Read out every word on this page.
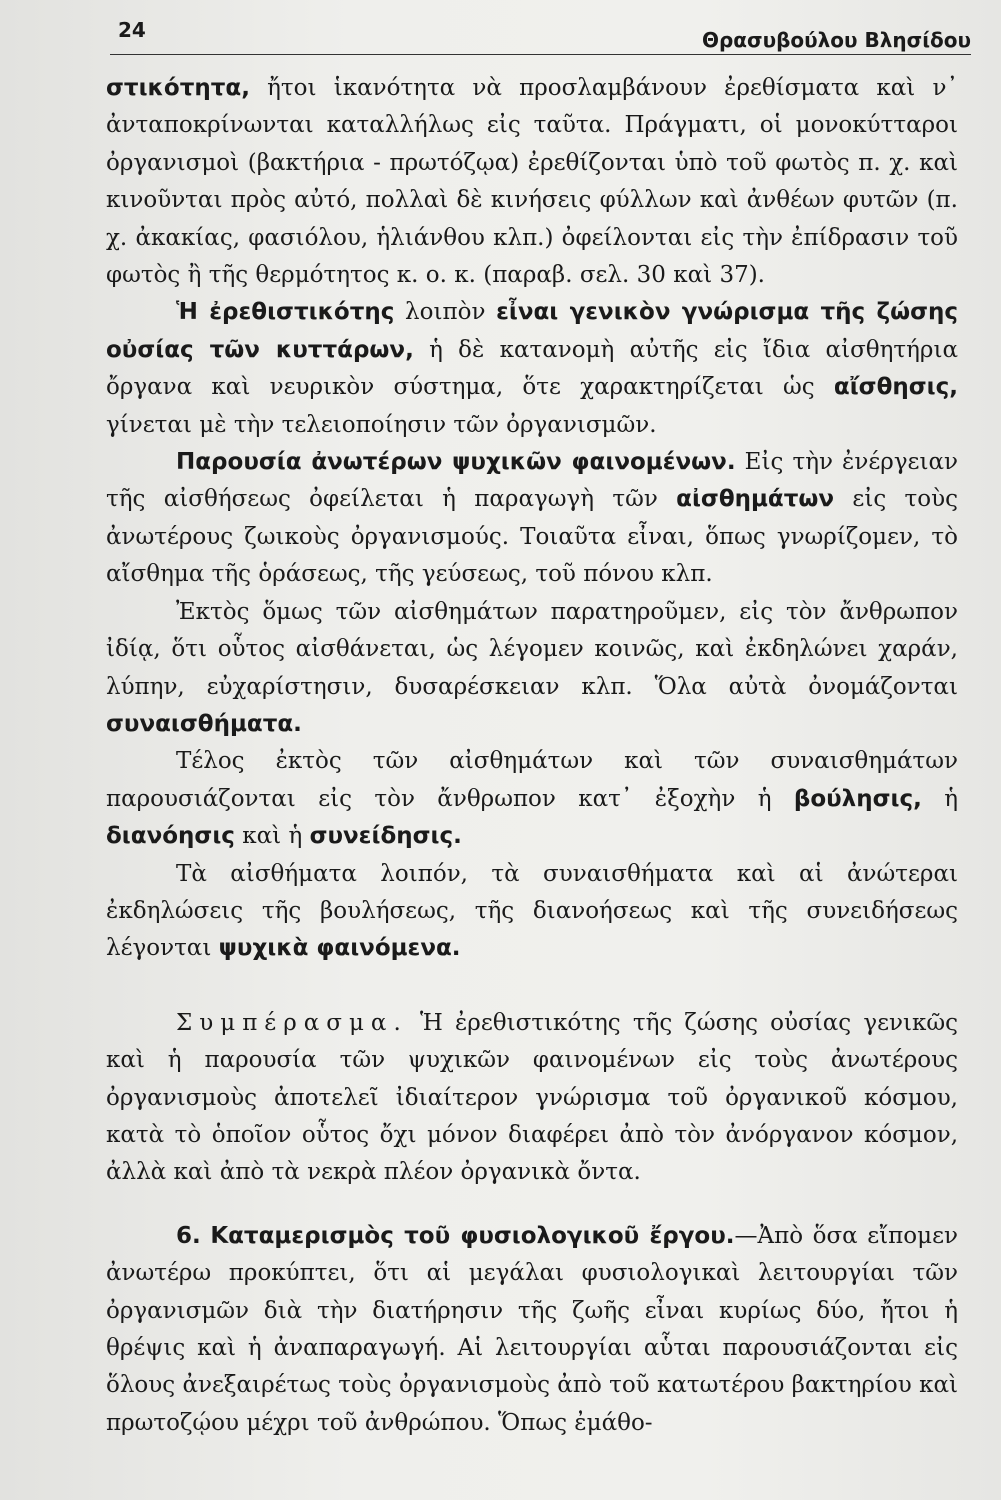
24	Θρασυβούλου Βλησίδου

στικότητα, ἤτοι ἱκανότητα νὰ προσλαμβάνουν ἐρεθίσματα καὶ ν᾽ ἀνταποκρίνωνται καταλλήλως εἰς ταῦτα. Πράγματι, οἱ μονοκύτταροι ὀργανισμοὶ (βακτήρια - πρωτόζῳα) ἐρεθίζονται ὑπὸ τοῦ φωτὸς π. χ. καὶ κινοῦνται πρὸς αὐτό, πολλαὶ δὲ κινήσεις φύλλων καὶ ἀνθέων φυτῶν (π. χ. ἀκακίας, φασιόλου, ἡλιάνθου κλπ.) ὀφείλονται εἰς τὴν ἐπίδρασιν τοῦ φωτὸς ἢ τῆς θερμότητος κ. ο. κ. (παραβ. σελ. 30 καὶ 37).

Ἡ ἐρεθιστικότης λοιπὸν εἶναι γενικὸν γνώρισμα τῆς ζώσης οὐσίας τῶν κυττάρων, ἡ δὲ κατανομὴ αὐτῆς εἰς ἴδια αἰσθητήρια ὄργανα καὶ νευρικὸν σύστημα, ὅτε χαρακτηρίζεται ὡς αἴσθησις, γίνεται μὲ τὴν τελειοποίησιν τῶν ὀργανισμῶν.

Παρουσία ἀνωτέρων ψυχικῶν φαινομένων. Εἰς τὴν ἐνέργειαν τῆς αἰσθήσεως ὀφείλεται ἡ παραγωγὴ τῶν αἰσθημάτων εἰς τοὺς ἀνωτέρους ζωικοὺς ὀργανισμούς. Τοιαῦτα εἶναι, ὅπως γνωρίζομεν, τὸ αἴσθημα τῆς ὁράσεως, τῆς γεύσεως, τοῦ πόνου κλπ.

Ἐκτὸς ὅμως τῶν αἰσθημάτων παρατηροῦμεν, εἰς τὸν ἄνθρωπον ἰδίᾳ, ὅτι οὗτος αἰσθάνεται, ὡς λέγομεν κοινῶς, καὶ ἐκδηλώνει χαράν, λύπην, εὐχαρίστησιν, δυσαρέσκειαν κλπ. Ὅλα αὐτὰ ὀνομάζονται συναισθήματα.

Τέλος ἐκτὸς τῶν αἰσθημάτων καὶ τῶν συναισθημάτων παρουσιάζονται εἰς τὸν ἄνθρωπον κατ᾽ ἐξοχὴν ἡ βούλησις, ἡ διανόησις καὶ ἡ συνείδησις.

Τὰ αἰσθήματα λοιπόν, τὰ συναισθήματα καὶ αἱ ἀνώτεραι ἐκδηλώσεις τῆς βουλήσεως, τῆς διανοήσεως καὶ τῆς συνειδήσεως λέγονται ψυχικὰ φαινόμενα.

Συμπέρασμα. Ἡ ἐρεθιστικότης τῆς ζώσης οὐσίας γενικῶς καὶ ἡ παρουσία τῶν ψυχικῶν φαινομένων εἰς τοὺς ἀνωτέρους ὀργανισμοὺς ἀποτελεῖ ἰδιαίτερον γνώρισμα τοῦ ὀργανικοῦ κόσμου, κατὰ τὸ ὁποῖον οὗτος ὄχι μόνον διαφέρει ἀπὸ τὸν ἀνόργανον κόσμον, ἀλλὰ καὶ ἀπὸ τὰ νεκρὰ πλέον ὀργανικὰ ὄντα.

6. Καταμερισμὸς τοῦ φυσιολογικοῦ ἔργου.—Ἀπὸ ὅσα εἴπομεν ἀνωτέρω προκύπτει, ὅτι αἱ μεγάλαι φυσιολογικαὶ λειτουργίαι τῶν ὀργανισμῶν διὰ τὴν διατήρησιν τῆς ζωῆς εἶναι κυρίως δύο, ἤτοι ἡ θρέψις καὶ ἡ ἀναπαραγωγή. Αἱ λειτουργίαι αὗται παρουσιάζονται εἰς ὅλους ἀνεξαιρέτως τοὺς ὀργανισμοὺς ἀπὸ τοῦ κατωτέρου βακτηρίου καὶ πρωτοζῴου μέχρι τοῦ ἀνθρώπου. Ὅπως ἐμάθο-
